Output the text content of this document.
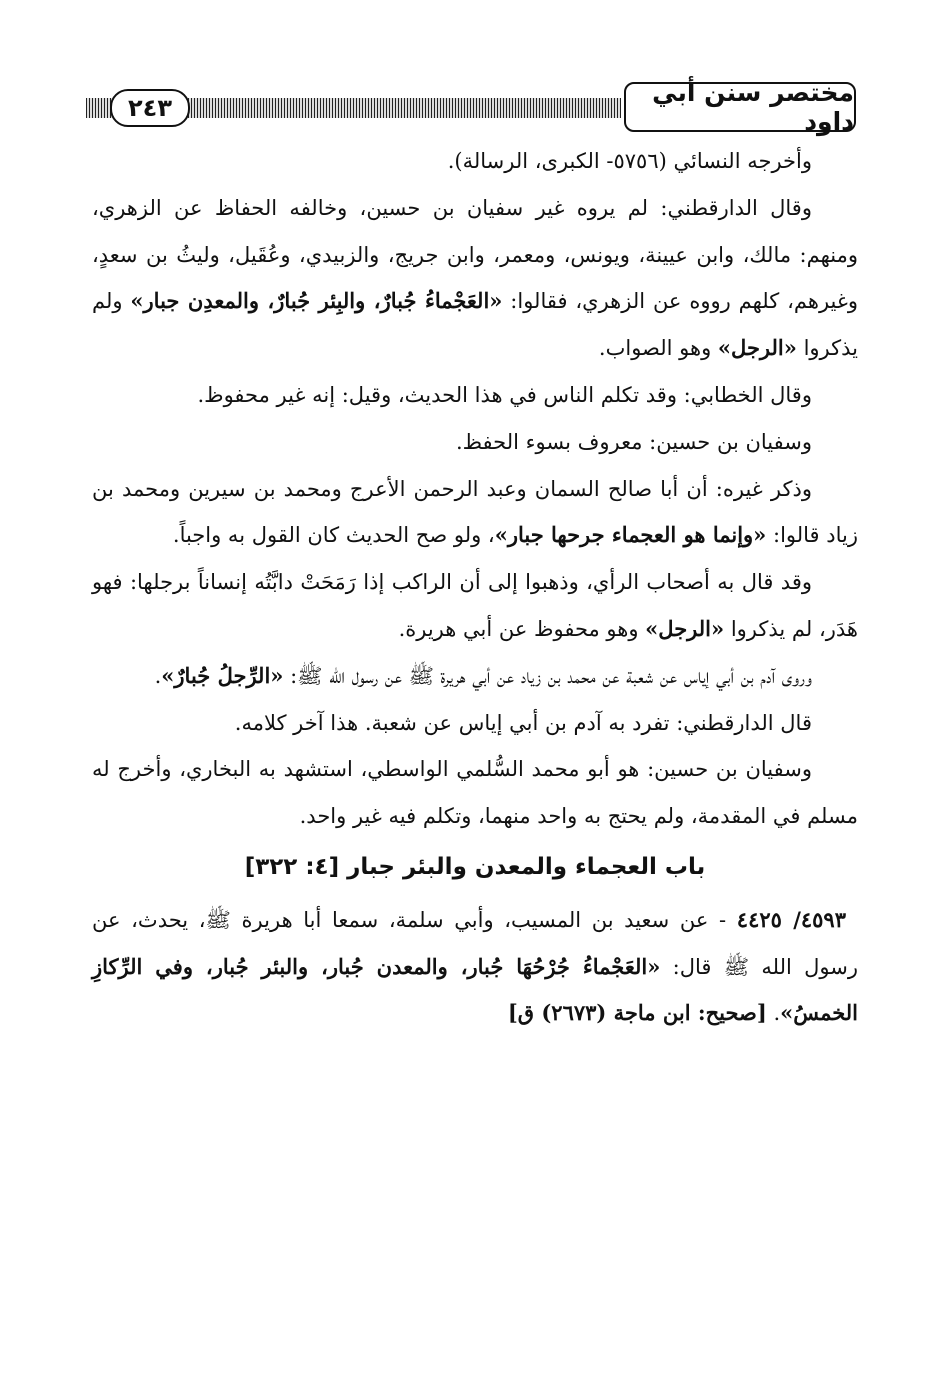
٢٤٣
مختصر سنن أبي داود

وأخرجه النسائي (٥٧٥٦- الكبرى، الرسالة).

وقال الدارقطني: لم يروه غير سفيان بن حسين، وخالفه الحفاظ عن الزهري، ومنهم: مالك، وابن عيينة، ويونس، ومعمر، وابن جريج، والزبيدي، وعُقَيل، وليثُ بن سعدٍ، وغيرهم، كلهم رووه عن الزهري، فقالوا: «العَجْماءُ جُبارٌ، والبِئر جُبارٌ، والمعدِن جبار» ولم يذكروا «الرجل» وهو الصواب.

وقال الخطابي: وقد تكلم الناس في هذا الحديث، وقيل: إنه غير محفوظ.

وسفيان بن حسين: معروف بسوء الحفظ.

وذكر غيره: أن أبا صالح السمان وعبد الرحمن الأعرج ومحمد بن سيرين ومحمد بن زياد قالوا: «وإنما هو العجماء جرحها جبار»، ولو صح الحديث كان القول به واجباً.

وقد قال به أصحاب الرأي، وذهبوا إلى أن الراكب إذا رَمَحَتْ دابَّتُه إنساناً برجلها: فهو هَدَر، لم يذكروا «الرجل» وهو محفوظ عن أبي هريرة.

وروى آدم بن أبي إياس عن شعبة عن محمد بن زياد عن أبي هريرة ﷺ عن رسول الله ﷺ: «الرِّجلُ جُبارٌ».

قال الدارقطني: تفرد به آدم بن أبي إياس عن شعبة. هذا آخر كلامه.

وسفيان بن حسين: هو أبو محمد السُّلمي الواسطي، استشهد به البخاري، وأخرج له مسلم في المقدمة، ولم يحتج به واحد منهما، وتكلم فيه غير واحد.

باب العجماء والمعدن والبئر جبار [٤: ٣٢٢]

٤٥٩٣/ ٤٤٢٥ - عن سعيد بن المسيب، وأبي سلمة، سمعا أبا هريرة ﷺ، يحدث، عن رسول الله ﷺ قال: «العَجْماءُ جُرْحُهَا جُبار، والمعدن جُبار، والبئر جُبار، وفي الرِّكازِ الخمسُ». [صحيح: ابن ماجة (٢٦٧٣) ق]
